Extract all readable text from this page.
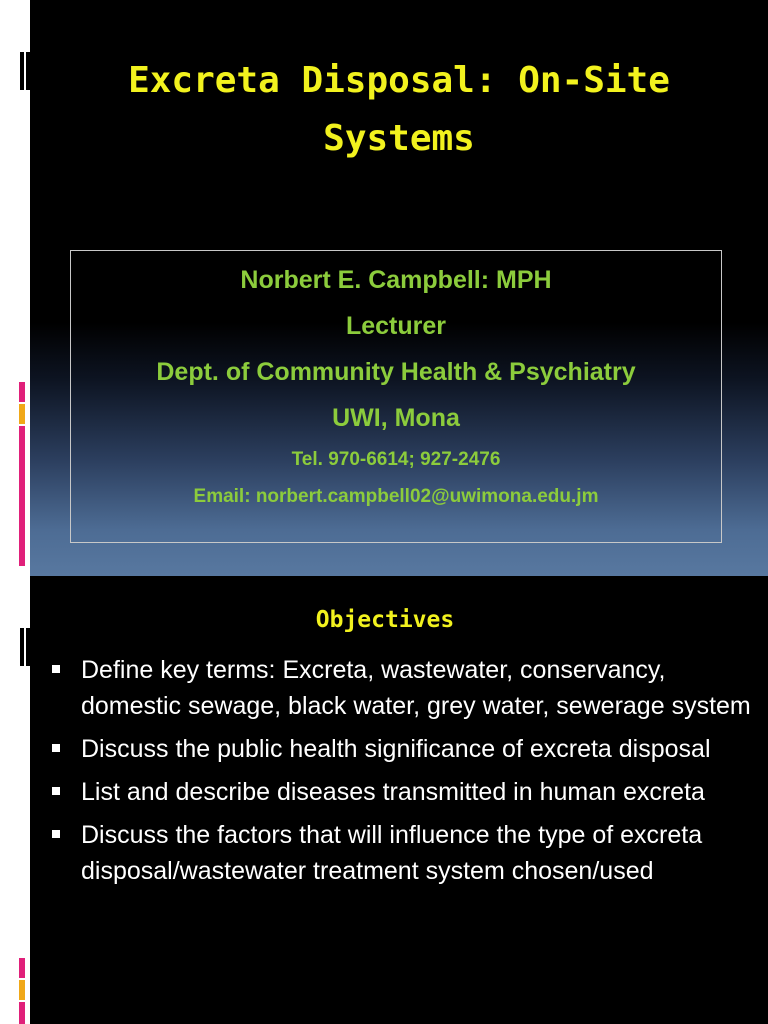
Excreta Disposal: On-Site
Systems
Norbert E. Campbell: MPH
Lecturer
Dept. of Community Health & Psychiatry
UWI, Mona
Tel. 970-6614; 927-2476
Email: norbert.campbell02@uwimona.edu.jm
Objectives
Define key terms: Excreta, wastewater, conservancy, domestic sewage, black water, grey water, sewerage system
Discuss the public health significance of excreta disposal
List and describe diseases transmitted in human excreta
Discuss the factors that will influence the type of excreta disposal/wastewater treatment system chosen/used
